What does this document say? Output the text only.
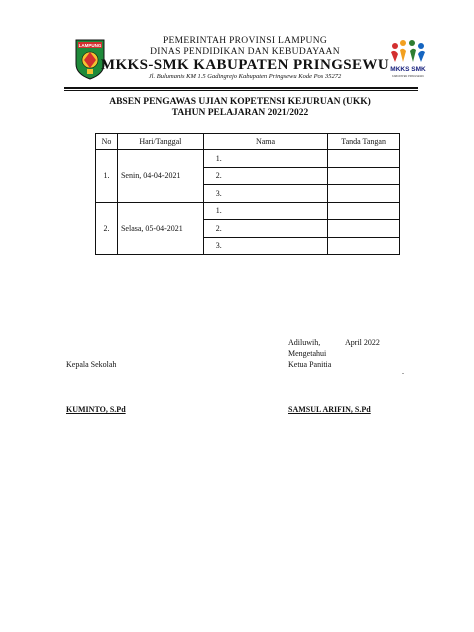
LAMPUNG	PEMERINTAH PROVINSI LAMPUNG
DINAS PENDIDIKAN DAN KEBUDAYAAN
MKKS-SMK KABUPATEN PRINGSEWU
Jl. Bulumanis KM 1.5 Gadingrejo Kabupaten Pringsewu Kode Pos 35272
MKKS SMK
KABUPATEN PRINGSEWU
ABSEN PENGAWAS UJIAN KOPETENSI KEJURUAN (UKK)
TAHUN PELAJARAN 2021/2022
No	Hari/Tanggal	Nama	Tanda Tangan
1.	Senin, 04-04-2021	1.	
		2.	
		3.	
2.	Selasa, 05-04-2021	1.	
		2.	
		3.	
Adiluwih,	April 2022
Mengetahui
Kepala Sekolah	Ketua Panitia
.
KUMINTO, S.Pd	SAMSUL ARIFIN, S.Pd
